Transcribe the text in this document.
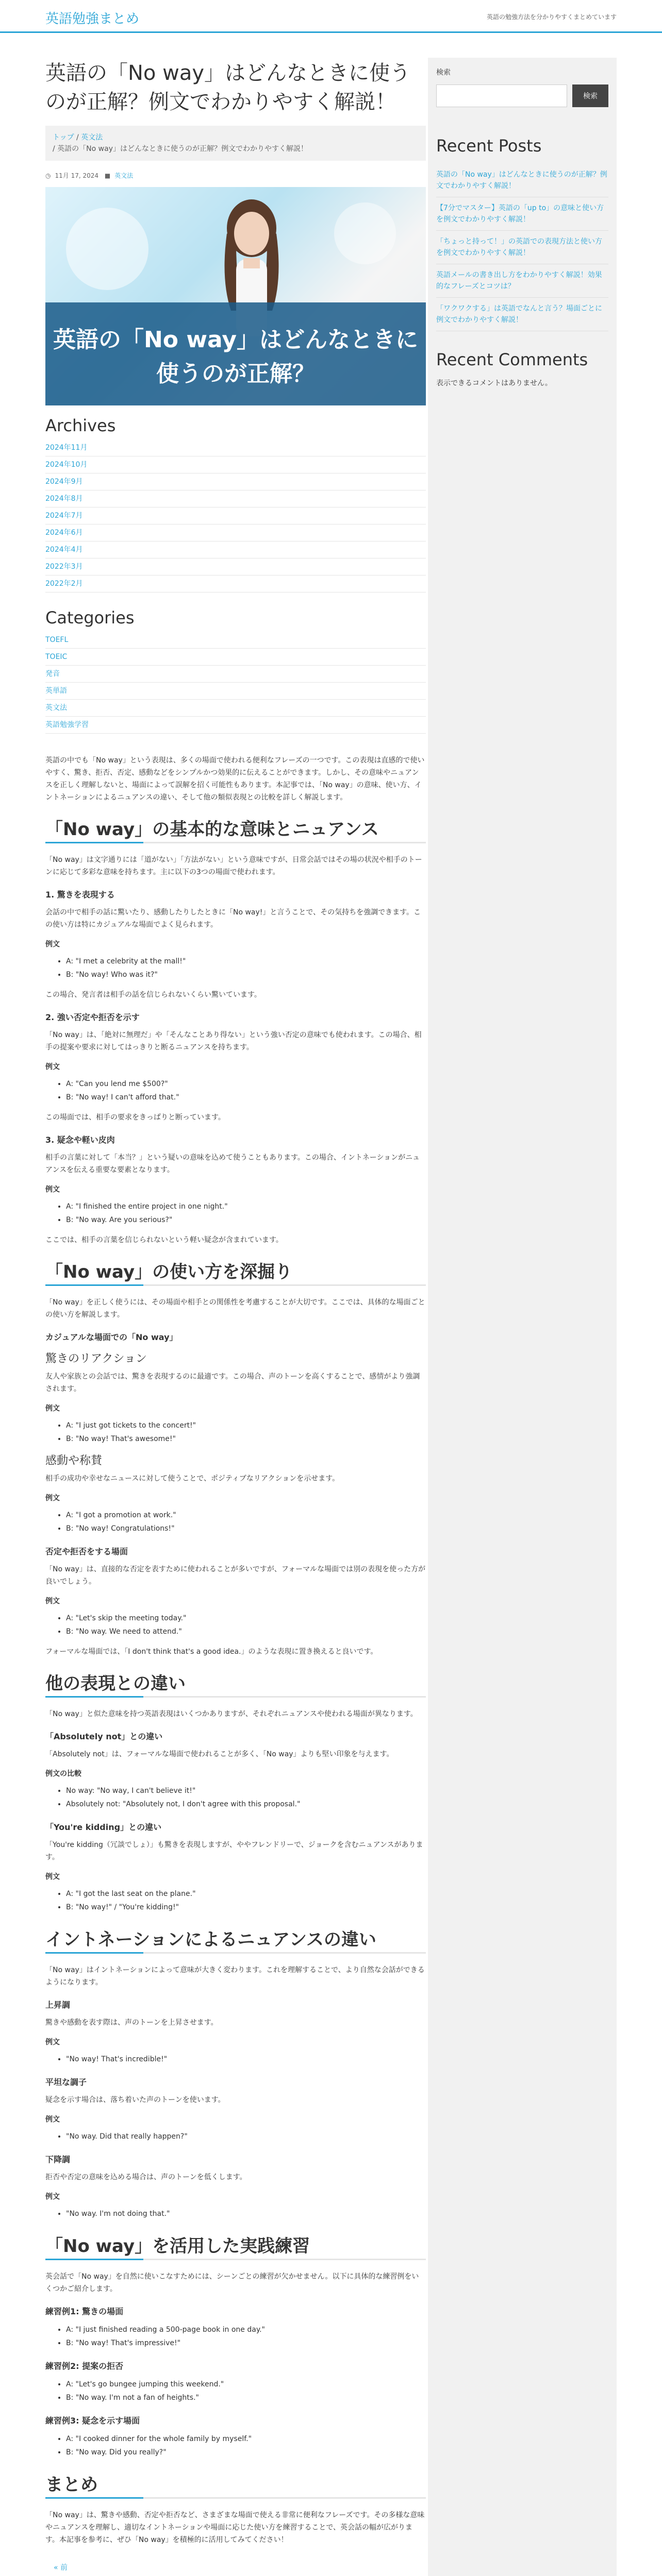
英語勉強まとめ	英語の勉強方法を分かりやすくまとめています
英語の「No way」はどんなときに使うのが正解？例文でわかりやすく解説！
トップ / 英文法
/ 英語の「No way」はどんなときに使うのが正解？例文でわかりやすく解説！
◷ 11月 17, 2024 ■ 英文法
英語の「No way」はどんなときに使うのが正解？
Archives
2024年11月
2024年10月
2024年9月
2024年8月
2024年7月
2024年6月
2024年4月
2022年3月
2022年2月
Categories
TOEFL
TOEIC
発音
英単語
英文法
英語勉強学習

英語の中でも「No way」という表現は、多くの場面で使われる便利なフレーズの一つです。この表現は直感的で使いやすく、驚き、拒否、否定、感動などをシンプルかつ効果的に伝えることができます。しかし、その意味やニュアンスを正しく理解しないと、場面によって誤解を招く可能性もあります。本記事では、「No way」の意味、使い方、イントネーションによるニュアンスの違い、そして他の類似表現との比較を詳しく解説します。

「No way」の基本的な意味とニュアンス

「No way」は文字通りには「道がない」「方法がない」という意味ですが、日常会話ではその場の状況や相手のトーンに応じて多彩な意味を持ちます。主に以下の3つの場面で使われます。

1. 驚きを表現する

会話の中で相手の話に驚いたり、感動したりしたときに「No way!」と言うことで、その気持ちを強調できます。この使い方は特にカジュアルな場面でよく見られます。

例文
• A: "I met a celebrity at the mall!"
• B: "No way! Who was it?"

この場合、発言者は相手の話を信じられないくらい驚いています。

2. 強い否定や拒否を示す

「No way」は、「絶対に無理だ」や「そんなことあり得ない」という強い否定の意味でも使われます。この場合、相手の提案や要求に対してはっきりと断るニュアンスを持ちます。

例文
• A: "Can you lend me $500?"
• B: "No way! I can't afford that."

この場面では、相手の要求をきっぱりと断っています。

3. 疑念や軽い皮肉

相手の言葉に対して「本当？」という疑いの意味を込めて使うこともあります。この場合、イントネーションがニュアンスを伝える重要な要素となります。

例文
• A: "I finished the entire project in one night."
• B: "No way. Are you serious?"

ここでは、相手の言葉を信じられないという軽い疑念が含まれています。

「No way」の使い方を深掘り

「No way」を正しく使うには、その場面や相手との関係性を考慮することが大切です。ここでは、具体的な場面ごとの使い方を解説します。

カジュアルな場面での「No way」
驚きのリアクション

友人や家族との会話では、驚きを表現するのに最適です。この場合、声のトーンを高くすることで、感情がより強調されます。

例文
• A: "I just got tickets to the concert!"
• B: "No way! That's awesome!"
感動や称賛

相手の成功や幸せなニュースに対して使うことで、ポジティブなリアクションを示せます。

例文
• A: "I got a promotion at work."
• B: "No way! Congratulations!"
否定や拒否をする場面

「No way」は、直接的な否定を表すために使われることが多いですが、フォーマルな場面では別の表現を使った方が良いでしょう。

例文
• A: "Let's skip the meeting today."
• B: "No way. We need to attend."

フォーマルな場面では、「I don't think that's a good idea.」のような表現に置き換えると良いです。

他の表現との違い

「No way」と似た意味を持つ英語表現はいくつかありますが、それぞれニュアンスや使われる場面が異なります。

「Absolutely not」との違い

「Absolutely not」は、フォーマルな場面で使われることが多く、「No way」よりも堅い印象を与えます。

例文の比較
• No way: "No way, I can't believe it!"
• Absolutely not: "Absolutely not, I don't agree with this proposal."
「You're kidding」との違い

「You're kidding（冗談でしょ）」も驚きを表現しますが、ややフレンドリーで、ジョークを含むニュアンスがあります。

例文
• A: "I got the last seat on the plane."
• B: "No way!" / "You're kidding!"
イントネーションによるニュアンスの違い

「No way」はイントネーションによって意味が大きく変わります。これを理解することで、より自然な会話ができるようになります。

上昇調

驚きや感動を表す際は、声のトーンを上昇させます。

例文
• "No way! That's incredible!"
平坦な調子

疑念を示す場合は、落ち着いた声のトーンを使います。

例文
• "No way. Did that really happen?"
下降調

拒否や否定の意味を込める場合は、声のトーンを低くします。

例文
• "No way. I'm not doing that."
「No way」を活用した実践練習

英会話で「No way」を自然に使いこなすためには、シーンごとの練習が欠かせません。以下に具体的な練習例をいくつかご紹介します。

練習例1: 驚きの場面
• A: "I just finished reading a 500-page book in one day."
• B: "No way! That's impressive!"
練習例2: 提案の拒否
• A: "Let's go bungee jumping this weekend."
• B: "No way. I'm not a fan of heights."
練習例3: 疑念を示す場面
• A: "I cooked dinner for the whole family by myself."
• B: "No way. Did you really?"
まとめ

「No way」は、驚きや感動、否定や拒否など、さまざまな場面で使える非常に便利なフレーズです。その多様な意味やニュアンスを理解し、適切なイントネーションや場面に応じた使い方を練習することで、英会話の幅が広がります。本記事を参考に、ぜひ「No way」を積極的に活用してみてください！

« 前
検索
検索
Recent Posts
英語の「No way」はどんなときに使うのが正解？例文でわかりやすく解説！
【7分でマスター】英語の「up to」の意味と使い方を例文でわかりやすく解説！
「ちょっと持って！」の英語での表現方法と使い方を例文でわかりやすく解説！
英語メールの書き出し方をわかりやすく解説！効果的なフレーズとコツは？
「ワクワクする」は英語でなんと言う？場面ごとに例文でわかりやすく解説！
Recent Comments

表示できるコメントはありません。
